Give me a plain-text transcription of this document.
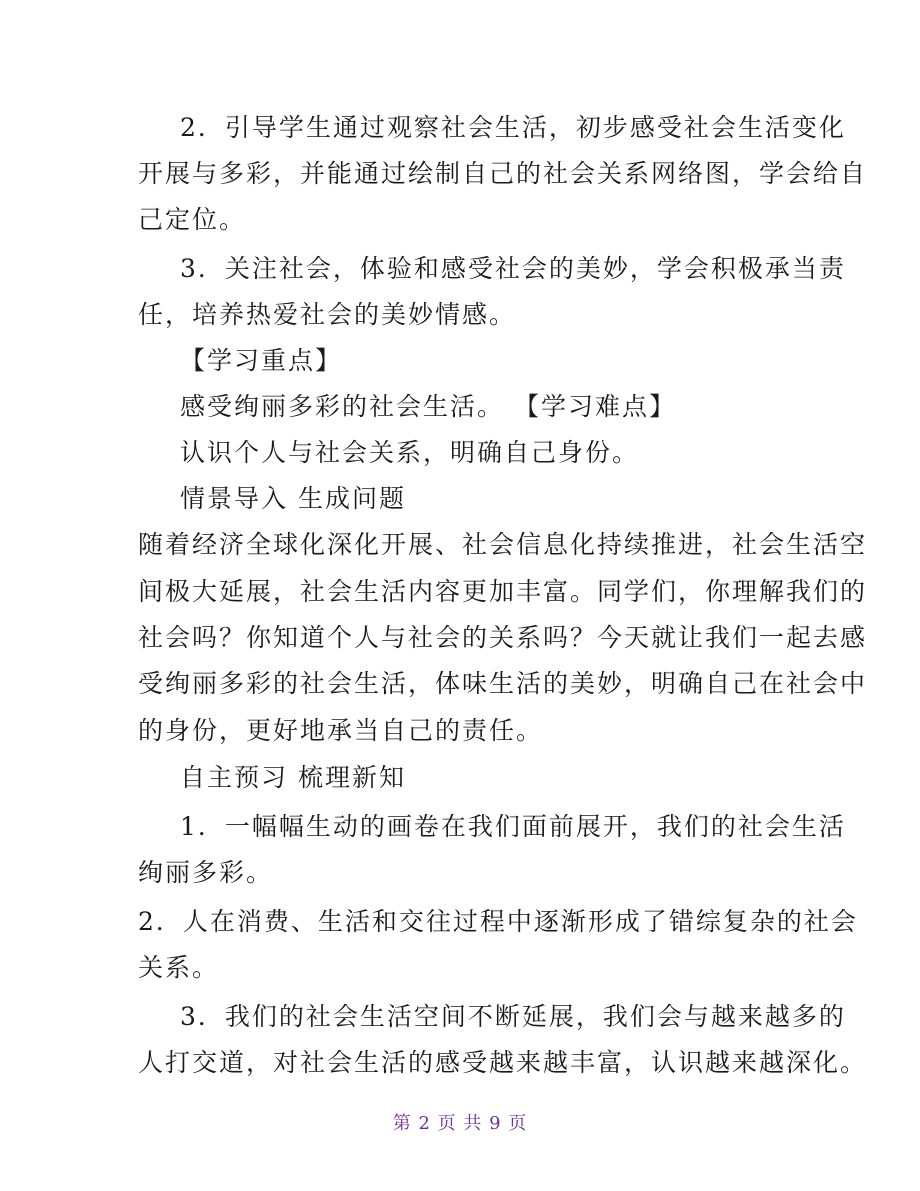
2．引导学生通过观察社会生活，初步感受社会生活变化
开展与多彩，并能通过绘制自己的社会关系网络图，学会给自
己定位。
3．关注社会，体验和感受社会的美妙，学会积极承当责
任，培养热爱社会的美妙情感。
【学习重点】
感受绚丽多彩的社会生活。 【学习难点】
认识个人与社会关系，明确自己身份。
情景导入 生成问题
随着经济全球化深化开展、社会信息化持续推进，社会生活空
间极大延展，社会生活内容更加丰富。同学们，你理解我们的
社会吗？你知道个人与社会的关系吗？今天就让我们一起去感
受绚丽多彩的社会生活，体味生活的美妙，明确自己在社会中
的身份，更好地承当自己的责任。
自主预习 梳理新知
1．一幅幅生动的画卷在我们面前展开，我们的社会生活
绚丽多彩。
2．人在消费、生活和交往过程中逐渐形成了错综复杂的社会
关系。
3．我们的社会生活空间不断延展，我们会与越来越多的
人打交道，对社会生活的感受越来越丰富，认识越来越深化。
第 2 页 共 9 页
